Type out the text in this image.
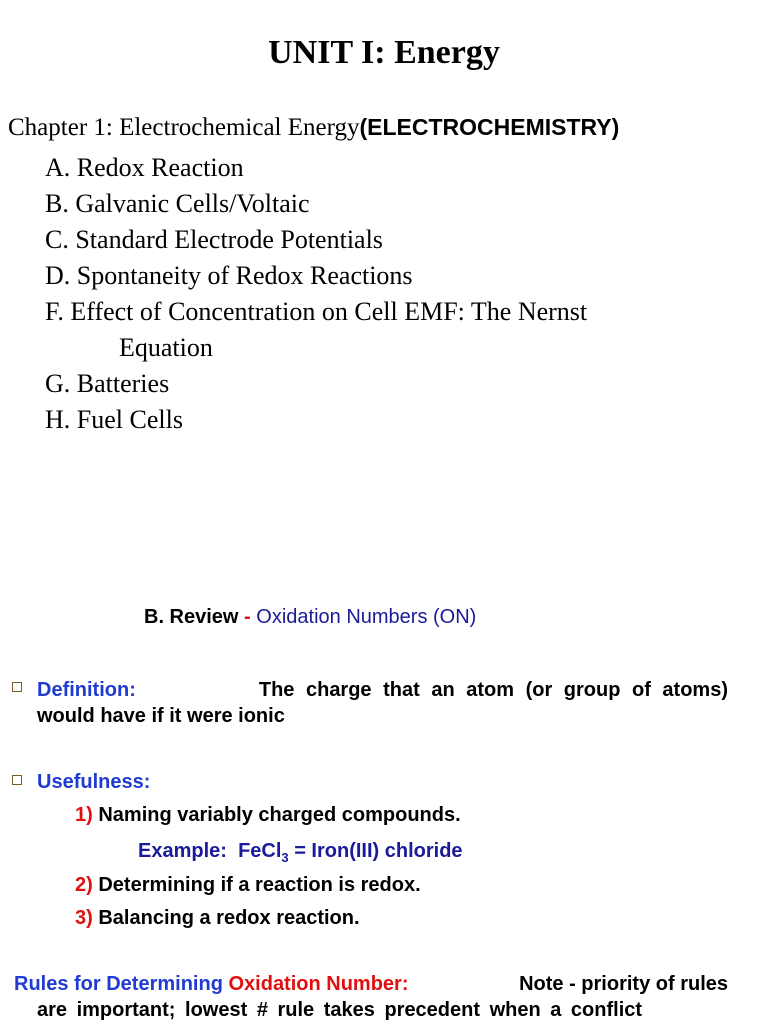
UNIT I: Energy
Chapter 1: Electrochemical Energy(ELECTROCHEMISTRY)
A. Redox Reaction
B. Galvanic Cells/Voltaic
C. Standard Electrode Potentials
D. Spontaneity of Redox Reactions
F. Effect of Concentration on Cell EMF: The Nernst
Equation
G. Batteries
H. Fuel Cells
B. Review - Oxidation Numbers (ON)
Definition:	The charge that an atom (or group of atoms)
would have if it were ionic
Usefulness:
1) Naming variably charged compounds.
Example: FeCl$_3$ = Iron(III) chloride
2) Determining if a reaction is redox.
3) Balancing a redox reaction.
Rules for Determining Oxidation Number:	Note - priority of rules
are important; lowest # rule takes precedent when a conflict
